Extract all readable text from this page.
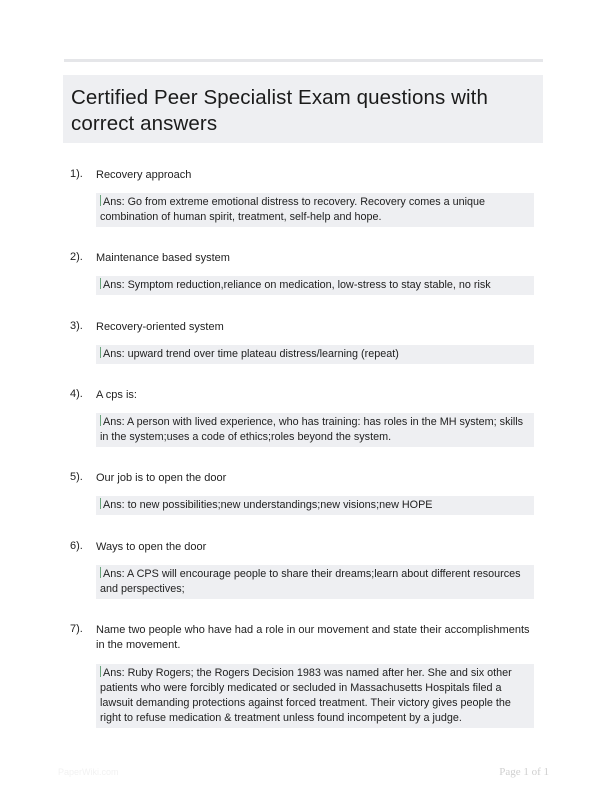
Certified Peer Specialist Exam questions with correct answers
1). Recovery approach
Ans: Go from extreme emotional distress to recovery. Recovery comes a unique combination of human spirit, treatment, self-help and hope.
2). Maintenance based system
Ans: Symptom reduction,reliance on medication, low-stress to stay stable, no risk
3). Recovery-oriented system
Ans: upward trend over time plateau distress/learning (repeat)
4). A cps is:
Ans: A person with lived experience, who has training: has roles in the MH system; skills in the system;uses a code of ethics;roles beyond the system.
5). Our job is to open the door
Ans: to new possibilities;new understandings;new visions;new HOPE
6). Ways to open the door
Ans: A CPS will encourage people to share their dreams;learn about different resources and perspectives;
7). Name two people who have had a role in our movement and state their accomplishments in the movement.
Ans: Ruby Rogers; the Rogers Decision 1983 was named after her. She and six other patients who were forcibly medicated or secluded in Massachusetts Hospitals filed a lawsuit demanding protections against forced treatment. Their victory gives people the right to refuse medication & treatment unless found incompetent by a judge.
PaperWiki.com	Page 1 of 1
